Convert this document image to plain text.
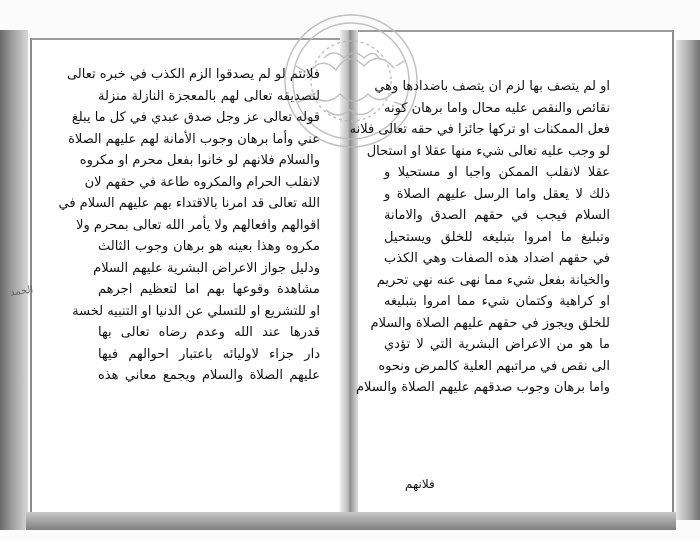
الحمد
فلانتم لو لم يصدقوا الزم الكذب في خبره تعالى
لتصديقه تعالى لهم بالمعجزة النازلة منزلة
قوله تعالى عز وجل صدق عبدي في كل ما يبلغ
عني وأما برهان وجوب الأمانة لهم عليهم الصلاة
والسلام فلانهم لو خانوا بفعل محرم او مكروه
لانقلب الحرام والمكروه طاعة في حقهم لان
الله تعالى قد امرنا بالاقتداء بهم عليهم السلام في
اقوالهم وافعالهم ولا يأمر الله تعالى بمحرم ولا
مكروه وهذا بعينه هو برهان وجوب الثالث
ودليل جواز الاعراض البشرية عليهم السلام
مشاهدة وقوعها بهم اما لتعظيم اجرهم
او للتشريع او للتسلي عن الدنيا او التنبيه لخسة
قدرها عند الله وعدم رضاه تعالى بها
دار جزاء لاوليائه باعتبار احوالهم فيها
عليهم الصلاة والسلام ويجمع معاني هذه
او لم يتصف بها لزم ان يتصف باضدادها وهي
نقائص والنقص عليه محال واما برهان كونه
فعل الممكنات او تركها جائزا في حقه تعالى فلانه
لو وجب عليه تعالى شيء منها عقلا او استحال
عقلا لانقلب الممكن واجبا او مستحيلا و
ذلك لا يعقل واما الرسل عليهم الصلاة و
السلام فيجب في حقهم الصدق والامانة
وتبليغ ما امروا بتبليغه للخلق ويستحيل
في حقهم اضداد هذه الصفات وهي الكذب
والخيانة بفعل شيء مما نهى عنه نهي تحريم
او كراهية وكتمان شيء مما امروا بتبليغه
للخلق ويجوز في حقهم عليهم الصلاة والسلام
ما هو من الاعراض البشرية التي لا تؤدي
الى نقص في مراتبهم العلية كالمرض ونحوه
واما برهان وجوب صدقهم عليهم الصلاة والسلام
فلانهم
